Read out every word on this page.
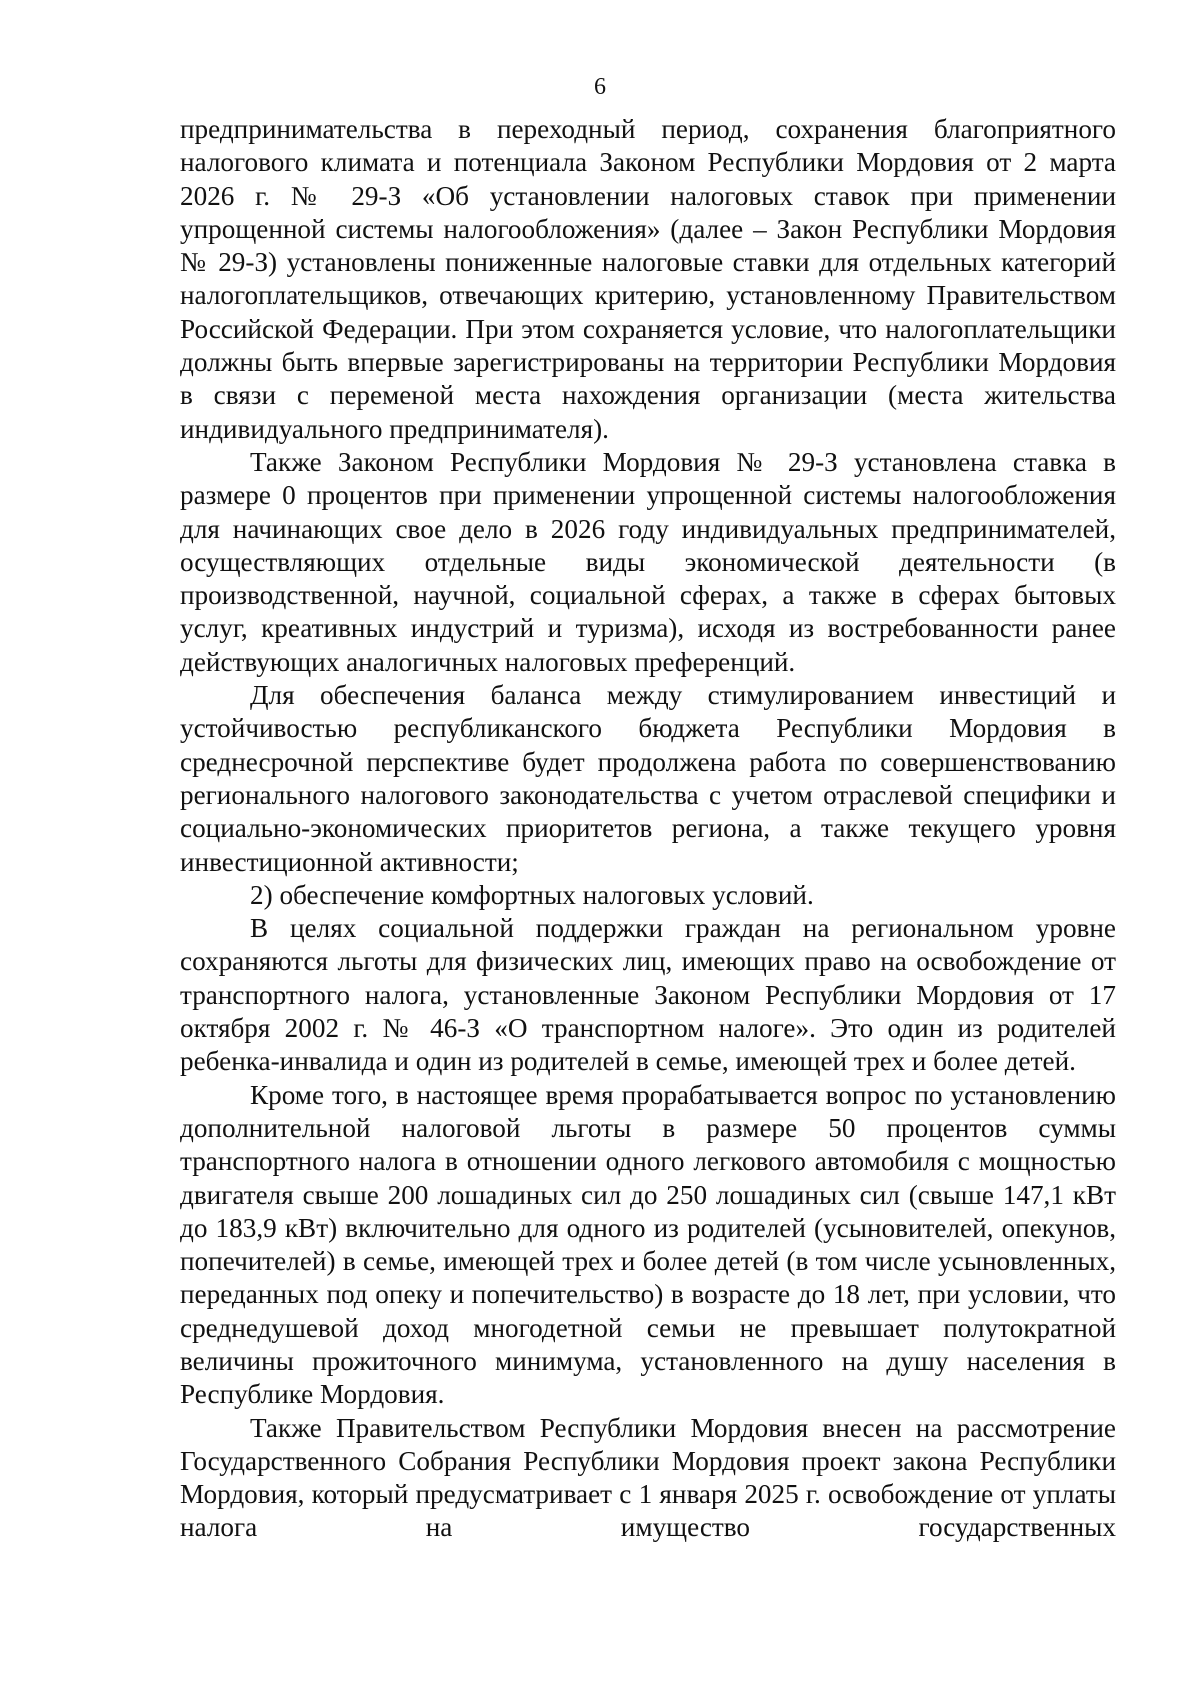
6

предпринимательства в переходный период, сохранения благоприятного налогового климата и потенциала Законом Республики Мордовия от 2 марта 2026 г. № 29-З «Об установлении налоговых ставок при применении упрощенной системы налогообложения» (далее – Закон Республики Мордовия № 29-З) установлены пониженные налоговые ставки для отдельных категорий налогоплательщиков, отвечающих критерию, установленному Правительством Российской Федерации. При этом сохраняется условие, что налогоплательщики должны быть впервые зарегистрированы на территории Республики Мордовия в связи с переменой места нахождения организации (места жительства индивидуального предпринимателя).

Также Законом Республики Мордовия № 29-З установлена ставка в размере 0 процентов при применении упрощенной системы налогообложения для начинающих свое дело в 2026 году индивидуальных предпринимателей, осуществляющих отдельные виды экономической деятельности (в производственной, научной, социальной сферах, а также в сферах бытовых услуг, креативных индустрий и туризма), исходя из востребованности ранее действующих аналогичных налоговых преференций.

Для обеспечения баланса между стимулированием инвестиций и устойчивостью республиканского бюджета Республики Мордовия в среднесрочной перспективе будет продолжена работа по совершенствованию регионального налогового законодательства с учетом отраслевой специфики и социально-экономических приоритетов региона, а также текущего уровня инвестиционной активности;

2) обеспечение комфортных налоговых условий.

В целях социальной поддержки граждан на региональном уровне сохраняются льготы для физических лиц, имеющих право на освобождение от транспортного налога, установленные Законом Республики Мордовия от 17 октября 2002 г. № 46-З «О транспортном налоге». Это один из родителей ребенка-инвалида и один из родителей в семье, имеющей трех и более детей.

Кроме того, в настоящее время прорабатывается вопрос по установлению дополнительной налоговой льготы в размере 50 процентов суммы транспортного налога в отношении одного легкового автомобиля с мощностью двигателя свыше 200 лошадиных сил до 250 лошадиных сил (свыше 147,1 кВт до 183,9 кВт) включительно для одного из родителей (усыновителей, опекунов, попечителей) в семье, имеющей трех и более детей (в том числе усыновленных, переданных под опеку и попечительство) в возрасте до 18 лет, при условии, что среднедушевой доход многодетной семьи не превышает полутократной величины прожиточного минимума, установленного на душу населения в Республике Мордовия.

Также Правительством Республики Мордовия внесен на рассмотрение Государственного Собрания Республики Мордовия проект закона Республики Мордовия, который предусматривает с 1 января 2025 г. освобождение от уплаты налога на имущество государственных
